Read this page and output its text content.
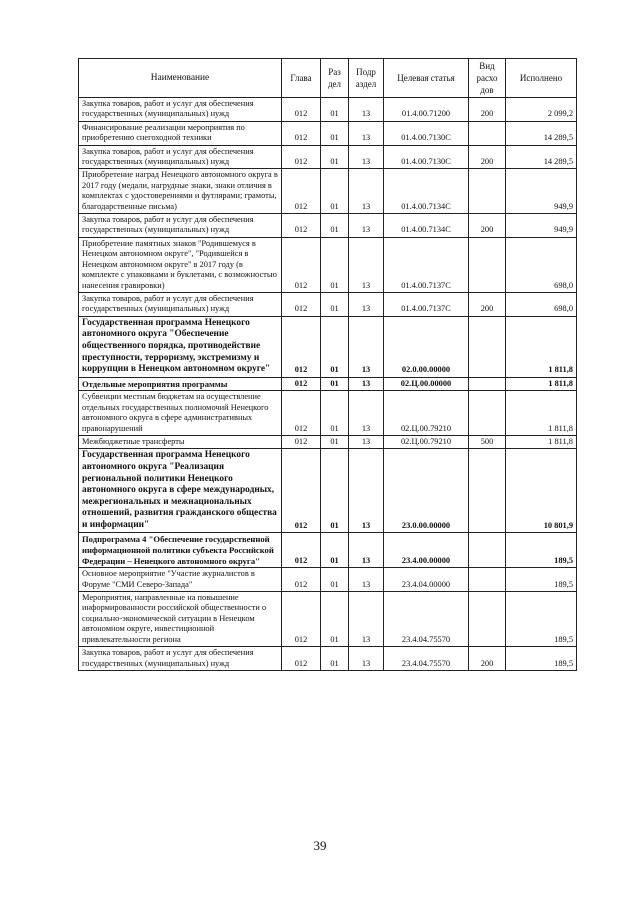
Наименование	Глава	Раз дел	Подр аздел	Целевая статья	Вид расхо дов	Исполнено
Закупка товаров, работ и услуг для обеспечения государственных (муниципальных) нужд	012	01	13	01.4.00.71200	200	2 099,2
Финансирование реализации мероприятия по приобретению снегоходной техники	012	01	13	01.4.00.7130С		14 289,5
Закупка товаров, работ и услуг для обеспечения государственных (муниципальных) нужд	012	01	13	01.4.00.7130С	200	14 289,5
Приобретение наград Ненецкого автономного округа в 2017 году (медали, нагрудные знаки, знаки отличия в комплектах с удостоверениями и футлярами; грамоты, благодарственные письма)	012	01	13	01.4.00.7134С		949,9
Закупка товаров, работ и услуг для обеспечения государственных (муниципальных) нужд	012	01	13	01.4.00.7134С	200	949,9
Приобретение памятных знаков "Родившемуся в Ненецком автономном округе", "Родившейся в Ненецком автономном округе" в 2017 году (в комплекте с упаковками и буклетами, с возможностью нанесения гравировки)	012	01	13	01.4.00.7137С		698,0
Закупка товаров, работ и услуг для обеспечения государственных (муниципальных) нужд	012	01	13	01.4.00.7137С	200	698,0
Государственная программа Ненецкого автономного округа "Обеспечение общественного порядка, противодействие преступности, терроризму, экстремизму и коррупции в Ненецком автономном округе"	012	01	13	02.0.00.00000		1 811,8
Отдельные мероприятия программы	012	01	13	02.Ц.00.00000		1 811,8
Субвенции местным бюджетам на осуществление отдельных государственных полномочий Ненецкого автономного округа в сфере административных правонарушений	012	01	13	02.Ц.00.79210		1 811,8
Межбюджетные трансферты	012	01	13	02.Ц.00.79210	500	1 811,8
Государственная программа Ненецкого автономного округа "Реализация региональной политики Ненецкого автономного округа в сфере международных, межрегиональных и межнациональных отношений, развития гражданского общества и информации"	012	01	13	23.0.00.00000		10 801,9
Подпрограмма 4 "Обеспечение государственной информационной политики субъекта Российской Федерации – Ненецкого автономного округа"	012	01	13	23.4.00.00000		189,5
Основное мероприятие "Участие журналистов в Форуме "СМИ Северо-Запада"	012	01	13	23.4.04.00000		189,5
Мероприятия, направленные на повышение информированности российской общественности о социально-экономической ситуации в Ненецком автономном округе, инвестиционной привлекательности региона	012	01	13	23.4.04.75570		189,5
Закупка товаров, работ и услуг для обеспечения государственных (муниципальных) нужд	012	01	13	23.4.04.75570	200	189,5
39
